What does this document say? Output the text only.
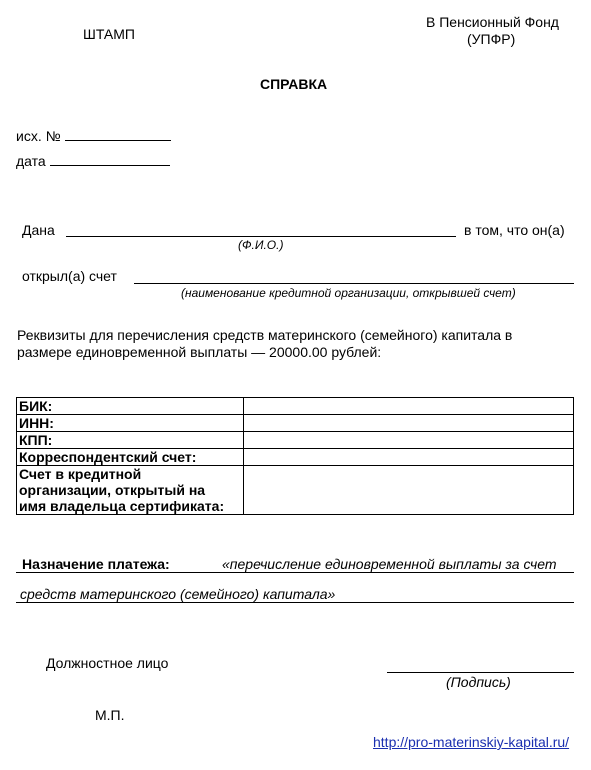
ШТАМП
В Пенсионный Фонд
(УПФР)
СПРАВКА
исх. №
дата
Дана	в том, что он(а)
(Ф.И.О.)
открыл(а) счет
(наименование кредитной организации, открывшей счет)
Реквизиты для перечисления средств материнского (семейного) капитала в
размере единовременной выплаты — 20000.00 рублей:
БИК:	
ИНН:	
КПП:	
Корреспондентский счет:	

Счет в кредитной
организации, открытый на
имя владельца сертификата:	

Назначение платежа:	«перечисление единовременной выплаты за счет
средств материнского (семейного) капитала»
Должностное лицо
(Подпись)
М.П.
http://pro-materinskiy-kapital.ru/
